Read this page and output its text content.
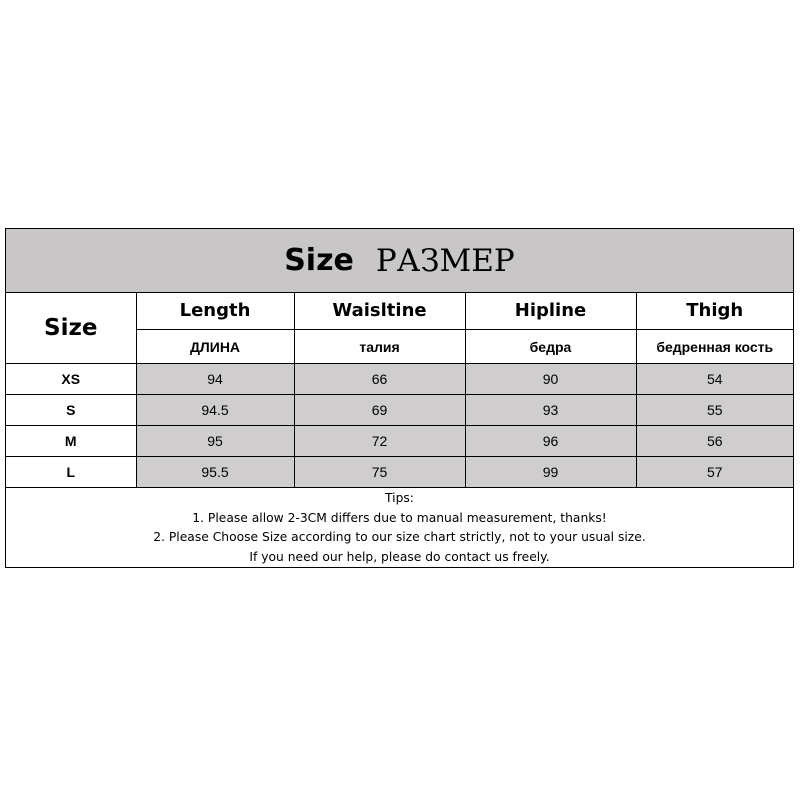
Size РАЗМЕР
Size	Length	Waisltine	Hipline	Thigh
	ДЛИНА	талия	бедра	бедренная кость
XS	94	66	90	54
S	94.5	69	93	55
M	95	72	96	56
L	95.5	75	99	57
Tips:
1. Please allow 2-3CM differs due to manual measurement, thanks!
2. Please Choose Size according to our size chart strictly, not to your usual size.
If you need our help, please do contact us freely.
